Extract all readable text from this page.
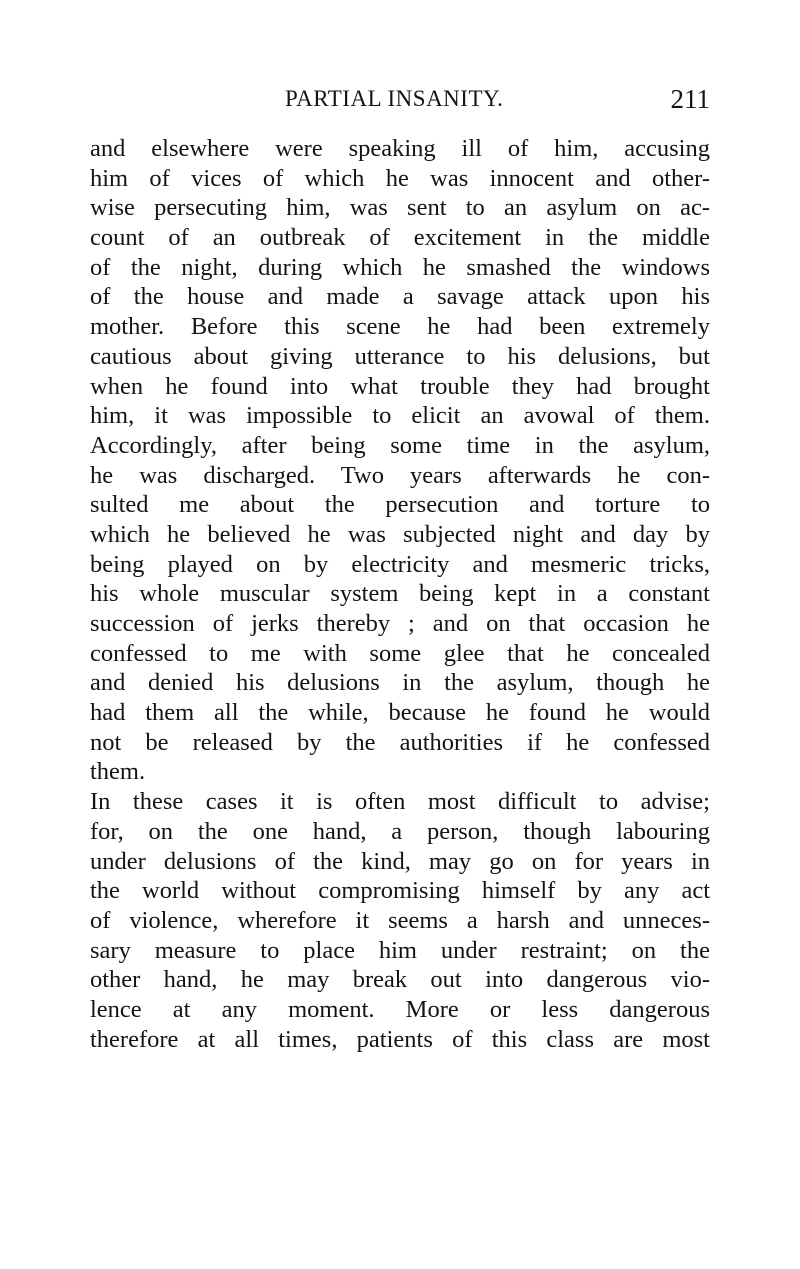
PARTIAL INSANITY.	211
and elsewhere were speaking ill of him, accusing
him of vices of which he was innocent and other-
wise persecuting him, was sent to an asylum on ac-
count of an outbreak of excitement in the middle
of the night, during which he smashed the windows
of the house and made a savage attack upon his
mother. Before this scene he had been extremely
cautious about giving utterance to his delusions, but
when he found into what trouble they had brought
him, it was impossible to elicit an avowal of them.
Accordingly, after being some time in the asylum,
he was discharged. Two years afterwards he con-
sulted me about the persecution and torture to
which he believed he was subjected night and day by
being played on by electricity and mesmeric tricks,
his whole muscular system being kept in a constant
succession of jerks thereby ; and on that occasion he
confessed to me with some glee that he concealed
and denied his delusions in the asylum, though he
had them all the while, because he found he would
not be released by the authorities if he confessed
them.
In these cases it is often most difficult to advise;
for, on the one hand, a person, though labouring
under delusions of the kind, may go on for years in
the world without compromising himself by any act
of violence, wherefore it seems a harsh and unneces-
sary measure to place him under restraint; on the
other hand, he may break out into dangerous vio-
lence at any moment. More or less dangerous
therefore at all times, patients of this class are most
